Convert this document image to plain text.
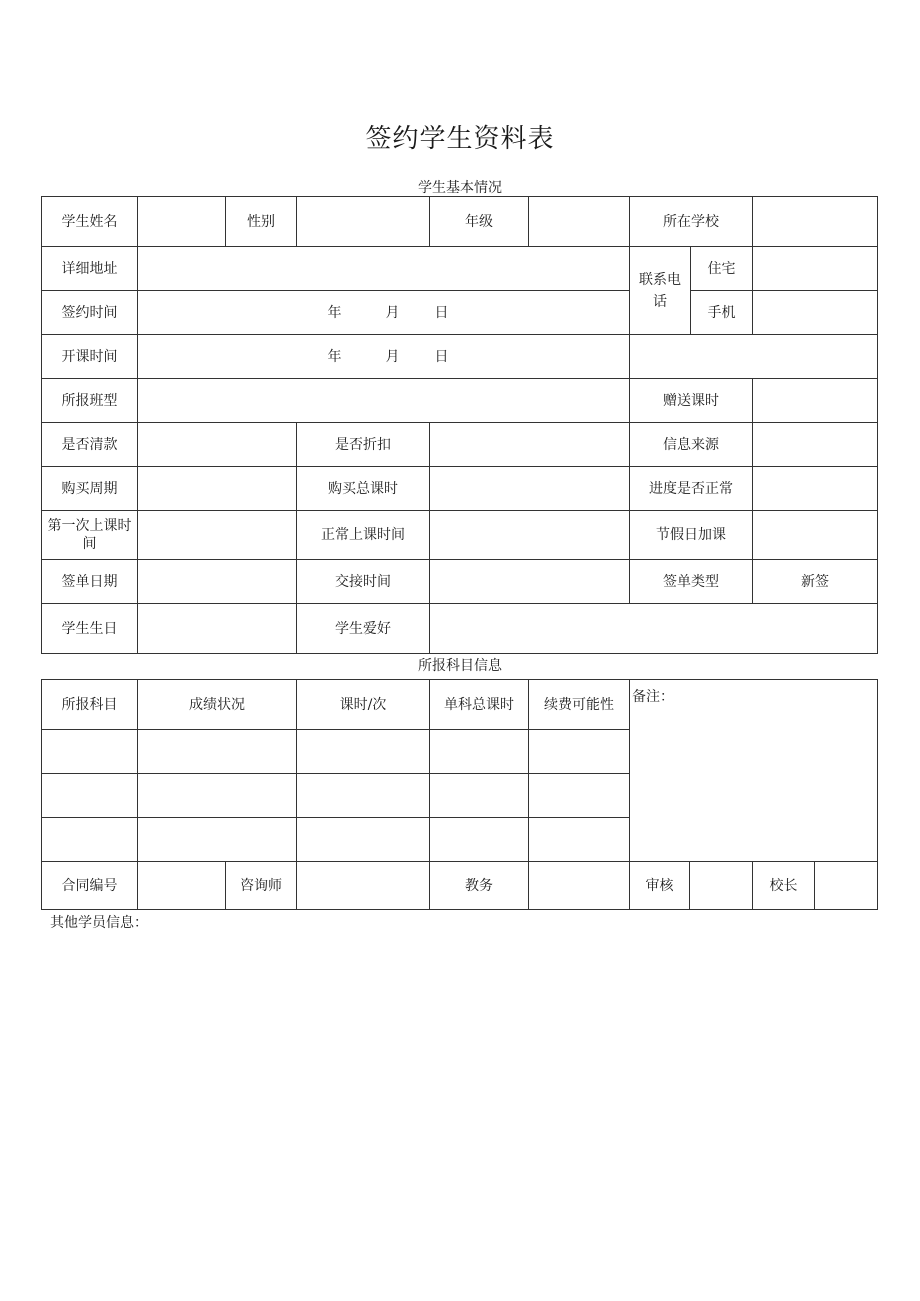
签约学生资料表
学生基本情况
学生姓名		性别		年级		所在学校		
详细地址						联系电话	住宅	
签约时间	年 月 日						手机	
开课时间	年 月 日							
所报班型						赠送课时		
是否清款			是否折扣			信息来源		
购买周期			购买总课时			进度是否正常		
第一次上课时间			正常上课时间			节假日加课		
签单日期			交接时间			签单类型		新签
学生生日			学生爱好					
所报科目信息
所报科目	成绩状况		课时/次	单科总课时	续费可能性	备注：			

合同编号		咨询师		教务		审核		校长	
其他学员信息：
